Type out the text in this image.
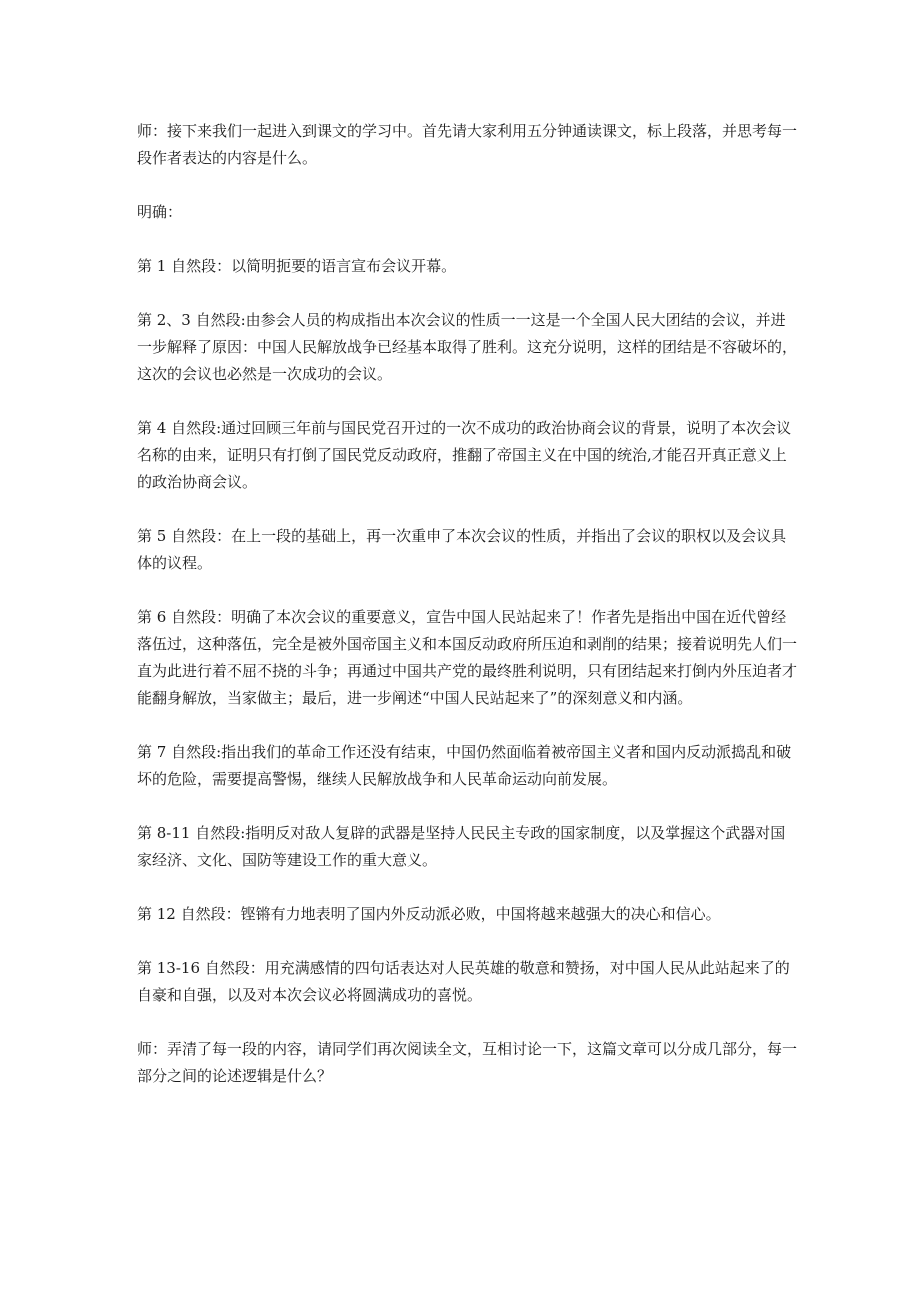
师：接下来我们一起进入到课文的学习中。首先请大家利用五分钟通读课文，标上段落，并思考每一段作者表达的内容是什么。

明确：

第 1 自然段：以简明扼要的语言宣布会议开幕。

第 2、3 自然段:由参会人员的构成指出本次会议的性质一一这是一个全国人民大团结的会议，并进一步解释了原因：中国人民解放战争已经基本取得了胜利。这充分说明，这样的团结是不容破坏的，这次的会议也必然是一次成功的会议。

第 4 自然段:通过回顾三年前与国民党召开过的一次不成功的政治协商会议的背景，说明了本次会议名称的由来，证明只有打倒了国民党反动政府，推翻了帝国主义在中国的统治,才能召开真正意义上的政治协商会议。

第 5 自然段：在上一段的基础上，再一次重申了本次会议的性质，并指出了会议的职权以及会议具体的议程。

第 6 自然段：明确了本次会议的重要意义，宣告中国人民站起来了！作者先是指出中国在近代曾经落伍过，这种落伍，完全是被外国帝国主义和本国反动政府所压迫和剥削的结果；接着说明先人们一直为此进行着不屈不挠的斗争；再通过中国共产党的最终胜利说明，只有团结起来打倒内外压迫者才能翻身解放，当家做主；最后，进一步阐述“中国人民站起来了”的深刻意义和内涵。

第 7 自然段:指出我们的革命工作还没有结束，中国仍然面临着被帝国主义者和国内反动派捣乱和破坏的危险，需要提高警惕，继续人民解放战争和人民革命运动向前发展。

第 8-11 自然段:指明反对敌人复辟的武器是坚持人民民主专政的国家制度，以及掌握这个武器对国家经济、文化、国防等建设工作的重大意义。

第 12 自然段：铿锵有力地表明了国内外反动派必败，中国将越来越强大的决心和信心。

第 13-16 自然段：用充满感情的四句话表达对人民英雄的敬意和赞扬，对中国人民从此站起来了的自豪和自强，以及对本次会议必将圆满成功的喜悦。

师：弄清了每一段的内容，请同学们再次阅读全文，互相讨论一下，这篇文章可以分成几部分，每一部分之间的论述逻辑是什么？
